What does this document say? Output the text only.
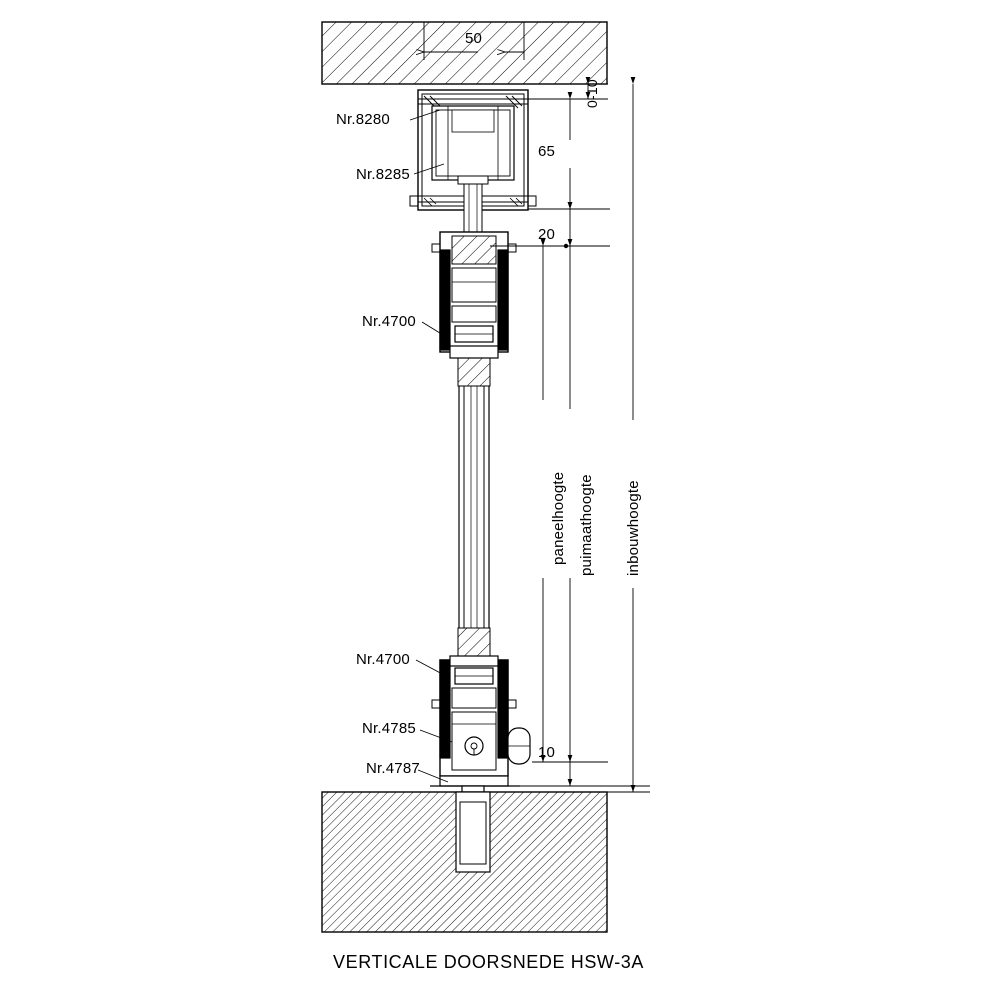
50
0-10
65
20
10
Nr.8280
Nr.8285
Nr.4700
Nr.4700
Nr.4785
Nr.4787
paneelhoogte puimaathoogte inbouwhoogte
VERTICALE DOORSNEDE HSW-3A
